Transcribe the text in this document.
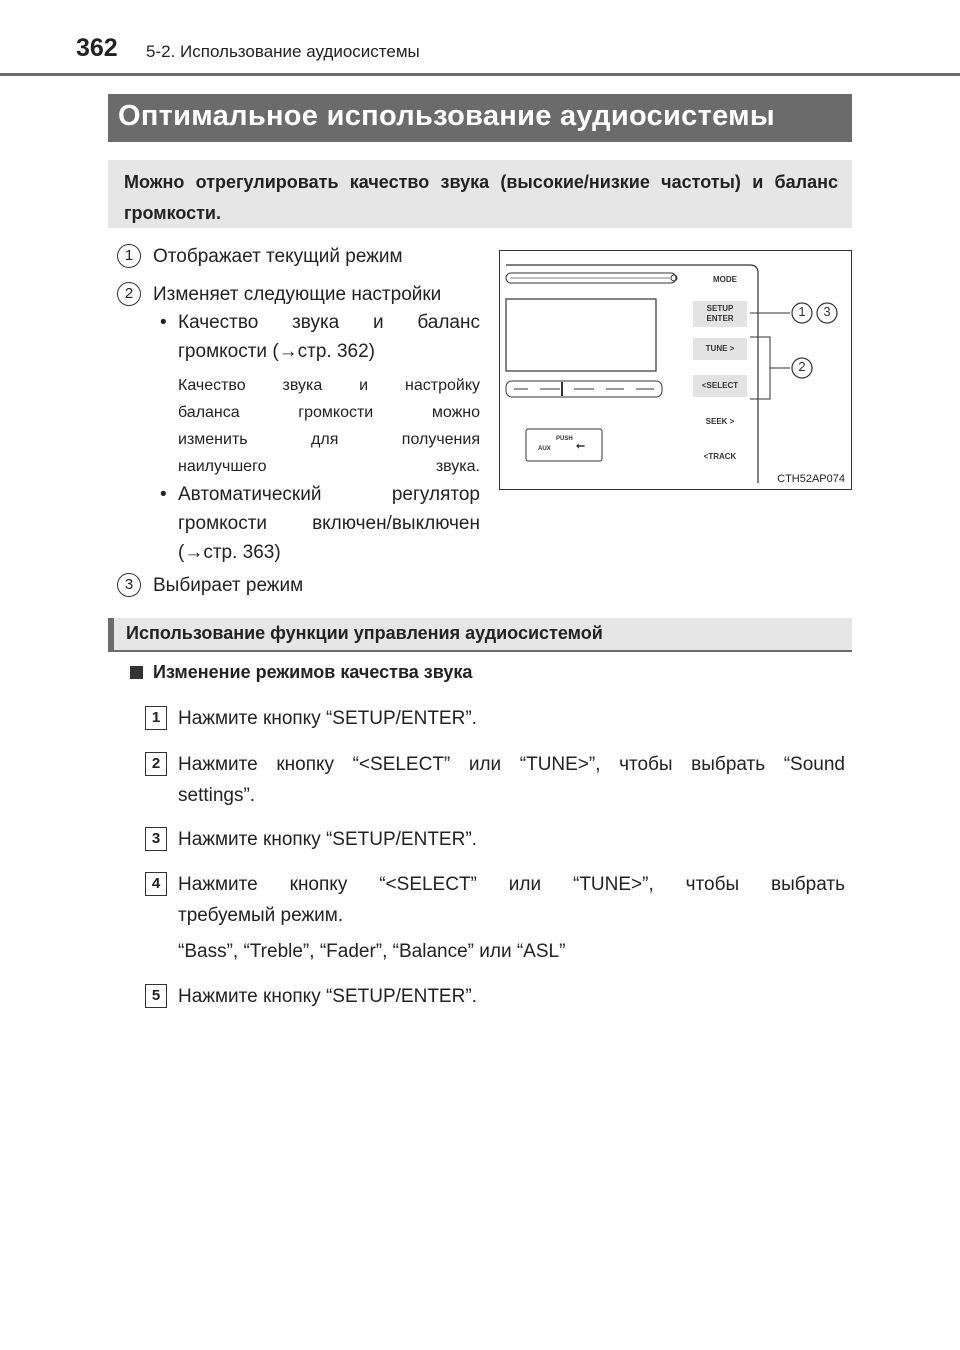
362 5-2. Использование аудиосистемы
Оптимальное использование аудиосистемы
Можно отрегулировать качество звука (высокие/низкие частоты) и баланс громкости.
1	Отображает текущий режим
2	Изменяет следующие настройки
• Качество звука и баланс
громкости (→стр. 362)
Качество звука и настройку
баланса громкости можно
изменить для получения
наилучшего звука.
• Автоматический регулятор
громкости включен/выключен
(→стр. 363)
3	Выбирает режим
MODE
SETUP
ENTER
TUNE >
<SELECT
SEEK >
<TRACK
PUSH
AUX ⭠
1 3
2
CTH52AP074
Использование функции управления аудиосистемой
Изменение режимов качества звука
1 Нажмите кнопку “SETUP/ENTER”.
2 Нажмите кнопку “<SELECT” или “TUNE>”, чтобы выбрать “Sound
settings”.
3 Нажмите кнопку “SETUP/ENTER”.
4 Нажмите кнопку “<SELECT” или “TUNE>”, чтобы выбрать
требуемый режим.
“Bass”, “Treble”, “Fader”, “Balance” или “ASL”
5 Нажмите кнопку “SETUP/ENTER”.
